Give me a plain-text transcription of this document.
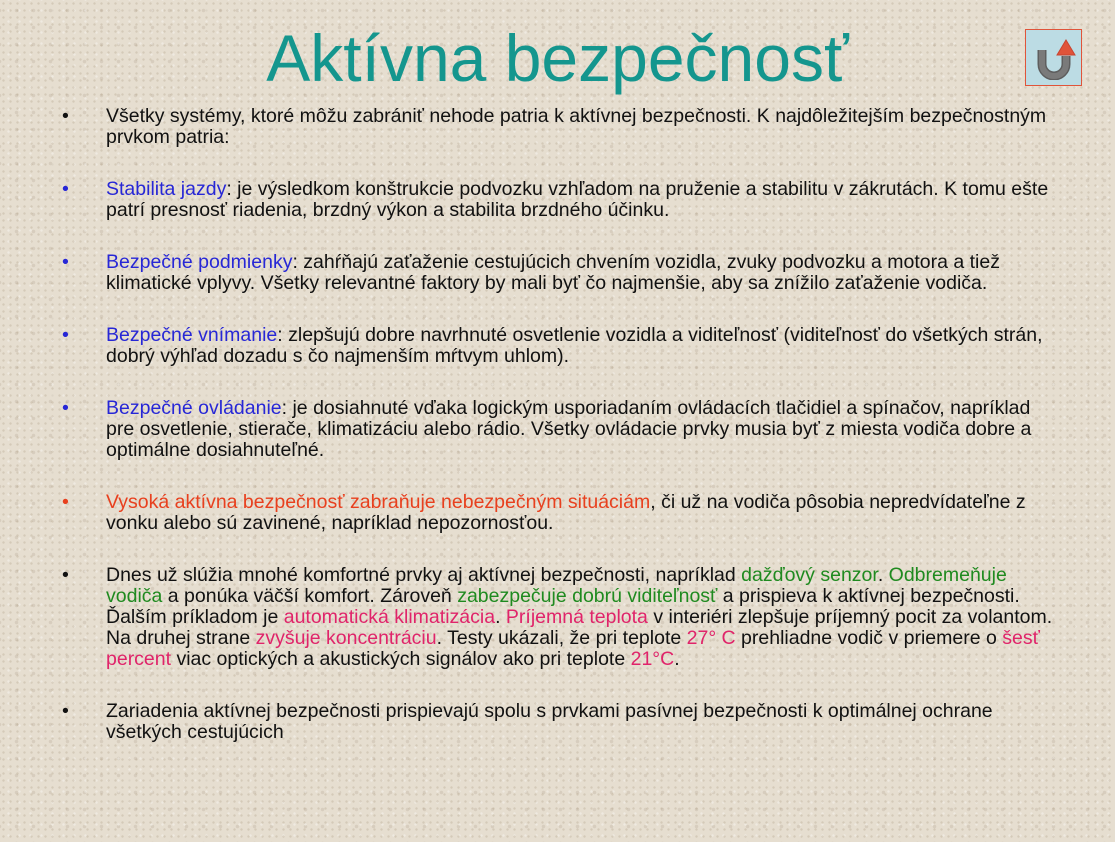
Aktívna bezpečnosť
•	Všetky systémy, ktoré môžu zabrániť nehode patria k aktívnej bezpečnosti. K najdôležitejším bezpečnostným prvkom patria:
•	Stabilita jazdy: je výsledkom konštrukcie podvozku vzhľadom na pruženie a stabilitu v zákrutách. K tomu ešte patrí presnosť riadenia, brzdný výkon a stabilita brzdného účinku.
•	Bezpečné podmienky: zahŕňajú zaťaženie cestujúcich chvením vozidla, zvuky podvozku a motora a tiež klimatické vplyvy. Všetky relevantné faktory by mali byť čo najmenšie, aby sa znížilo zaťaženie vodiča.
•	Bezpečné vnímanie: zlepšujú dobre navrhnuté osvetlenie vozidla a viditeľnosť (viditeľnosť do všetkých strán, dobrý výhľad dozadu s čo najmenším mŕtvym uhlom).
•	Bezpečné ovládanie: je dosiahnuté vďaka logickým usporiadaním ovládacích tlačidiel a spínačov, napríklad pre osvetlenie, stierače, klimatizáciu alebo rádio. Všetky ovládacie prvky musia byť z miesta vodiča dobre a optimálne dosiahnuteľné.
•	Vysoká aktívna bezpečnosť zabraňuje nebezpečným situáciám, či už na vodiča pôsobia nepredvídateľne z vonku alebo sú zavinené, napríklad nepozornosťou.
•	Dnes už slúžia mnohé komfortné prvky aj aktívnej bezpečnosti, napríklad dažďový senzor. Odbremeňuje vodiča a ponúka väčší komfort. Zároveň zabezpečuje dobrú viditeľnosť a prispieva k aktívnej bezpečnosti. Ďalším príkladom je automatická klimatizácia. Príjemná teplota v interiéri zlepšuje príjemný pocit za volantom. Na druhej strane zvyšuje koncentráciu. Testy ukázali, že pri teplote 27° C prehliadne vodič v priemere o šesť percent viac optických a akustických signálov ako pri teplote 21°C.
•	Zariadenia aktívnej bezpečnosti prispievajú spolu s prvkami pasívnej bezpečnosti k optimálnej ochrane všetkých cestujúcich
